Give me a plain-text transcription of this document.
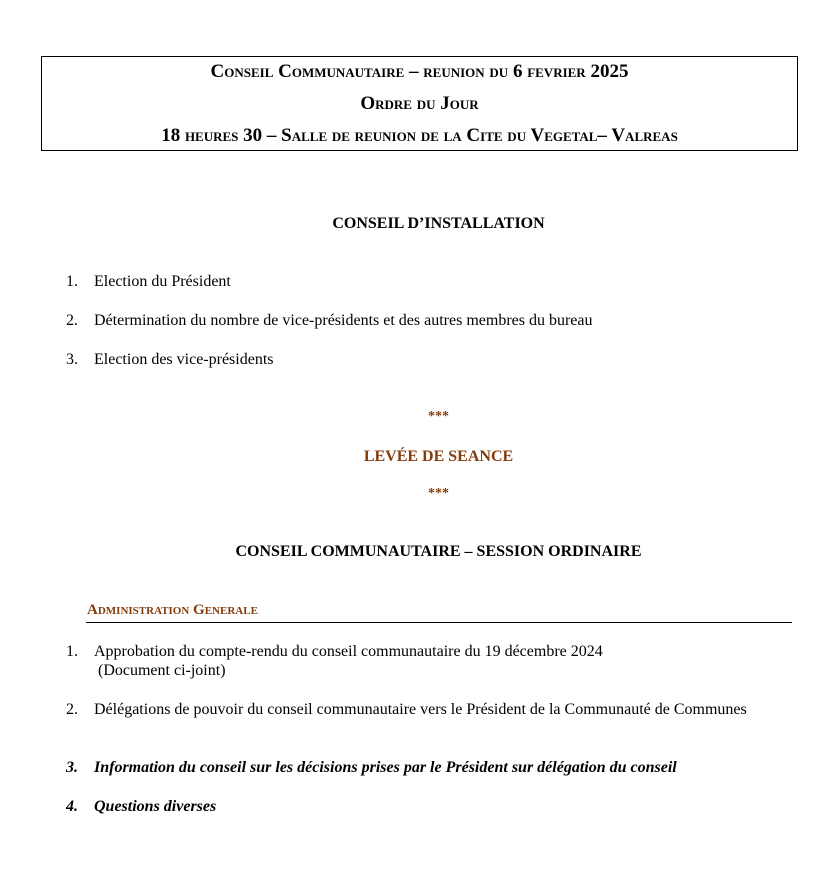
Conseil Communautaire – reunion du 6 fevrier 2025
Ordre du Jour
18 heures 30 – Salle de reunion de la Cite du Vegetal– Valreas
CONSEIL D’INSTALLATION
1. Election du Président
2. Détermination du nombre de vice-présidents et des autres membres du bureau
3. Election des vice-présidents
***
LEVÉE DE SEANCE
***
CONSEIL COMMUNAUTAIRE – SESSION ORDINAIRE
Administration Generale
1. Approbation du compte-rendu du conseil communautaire du 19 décembre 2024
(Document ci-joint)
2. Délégations de pouvoir du conseil communautaire vers le Président de la Communauté de Communes
3. Information du conseil sur les décisions prises par le Président sur délégation du conseil
4. Questions diverses
